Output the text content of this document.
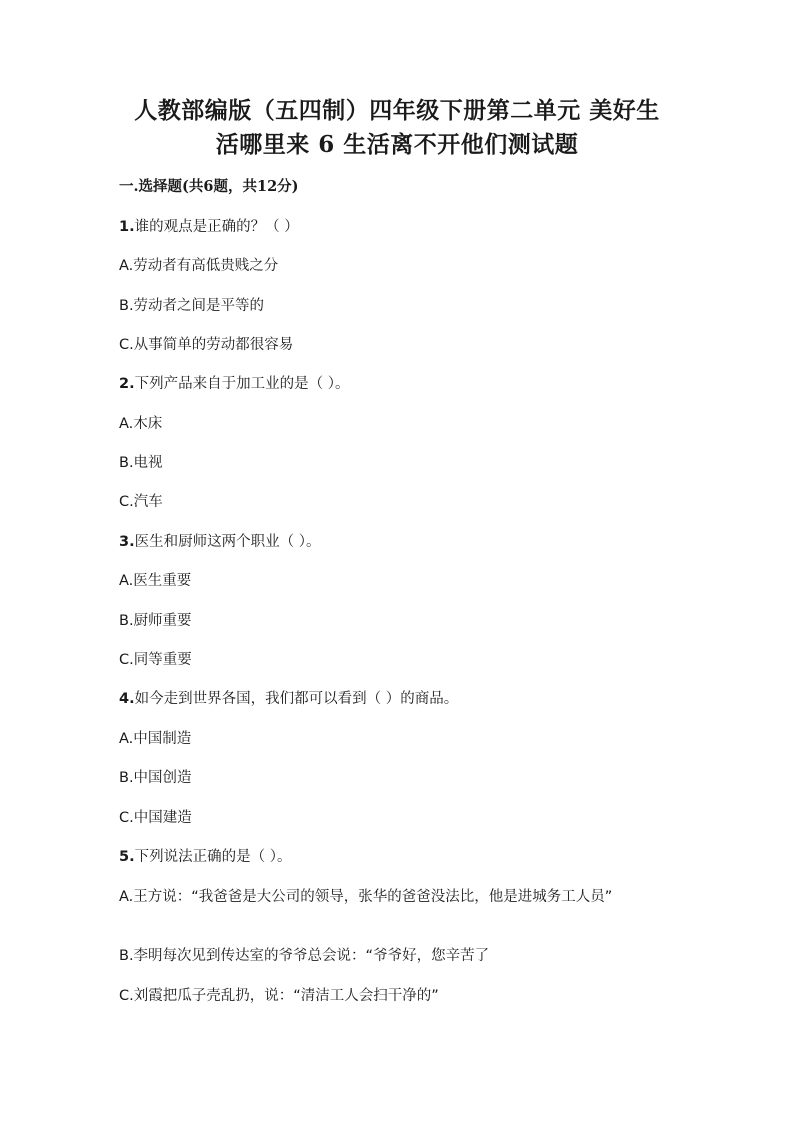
人教部编版（五四制）四年级下册第二单元 美好生
活哪里来 6 生活离不开他们测试题
一.选择题(共6题，共12分)
1.谁的观点是正确的？（ ）
A.劳动者有高低贵贱之分
B.劳动者之间是平等的
C.从事简单的劳动都很容易
2.下列产品来自于加工业的是（ ）。
A.木床
B.电视
C.汽车
3.医生和厨师这两个职业（ ）。
A.医生重要
B.厨师重要
C.同等重要
4.如今走到世界各国，我们都可以看到（ ）的商品。
A.中国制造
B.中国创造
C.中国建造
5.下列说法正确的是（ ）。
A.王方说：“我爸爸是大公司的领导，张华的爸爸没法比，他是进城务工人员”
B.李明每次见到传达室的爷爷总会说：“爷爷好，您辛苦了
C.刘霞把瓜子壳乱扔，说：“清洁工人会扫干净的”
